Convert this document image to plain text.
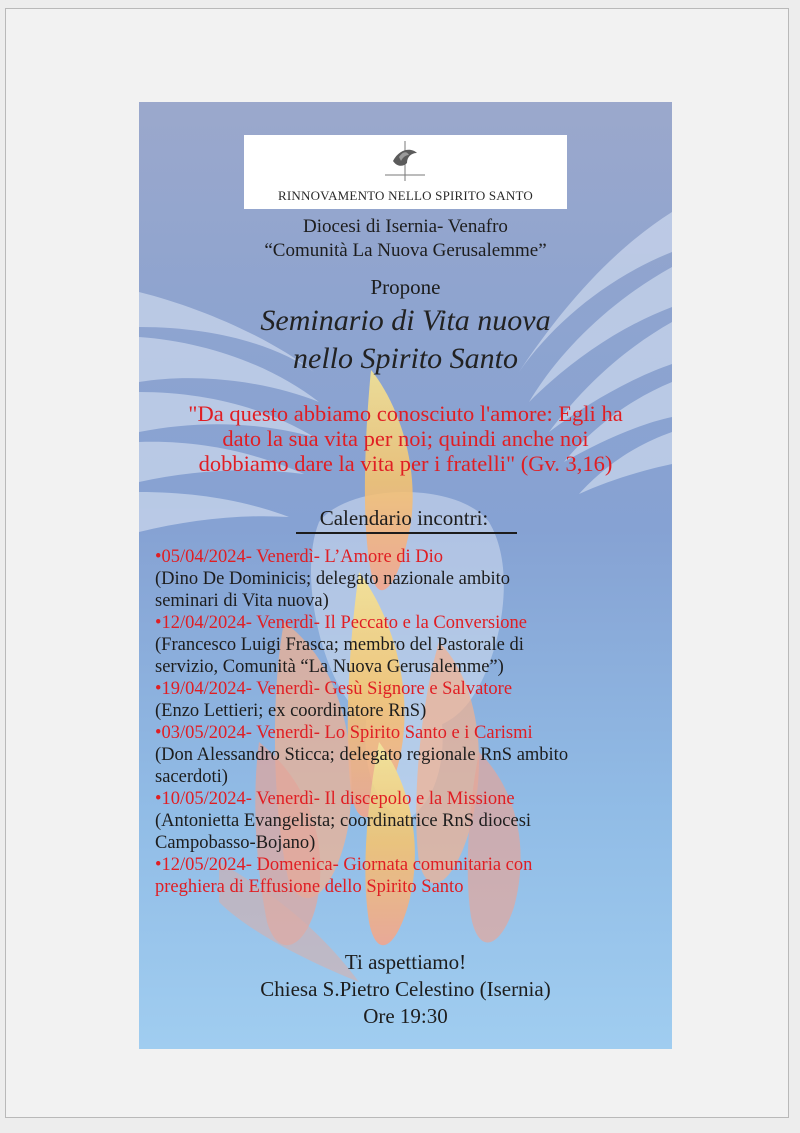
RINNOVAMENTO NELLO SPIRITO SANTO
Diocesi di Isernia- Venafro
“Comunità La Nuova Gerusalemme”
Propone
Seminario di Vita nuova
nello Spirito Santo
"Da questo abbiamo conosciuto l'amore: Egli ha
dato la sua vita per noi; quindi anche noi
dobbiamo dare la vita per i fratelli" (Gv. 3,16)
Calendario incontri:
•05/04/2024- Venerdì- L’Amore di Dio
(Dino De Dominicis; delegato nazionale ambito
seminari di Vita nuova)
•12/04/2024- Venerdì- Il Peccato e la Conversione
(Francesco Luigi Frasca; membro del Pastorale di
servizio, Comunità “La Nuova Gerusalemme”)
•19/04/2024- Venerdì- Gesù Signore e Salvatore
(Enzo Lettieri; ex coordinatore RnS)
•03/05/2024- Venerdì- Lo Spirito Santo e i Carismi
(Don Alessandro Sticca; delegato regionale RnS ambito
sacerdoti)
•10/05/2024- Venerdì- Il discepolo e la Missione
(Antonietta Evangelista; coordinatrice RnS diocesi
Campobasso-Bojano)
•12/05/2024- Domenica- Giornata comunitaria con
preghiera di Effusione dello Spirito Santo
Ti aspettiamo!
Chiesa S.Pietro Celestino (Isernia)
Ore 19:30
